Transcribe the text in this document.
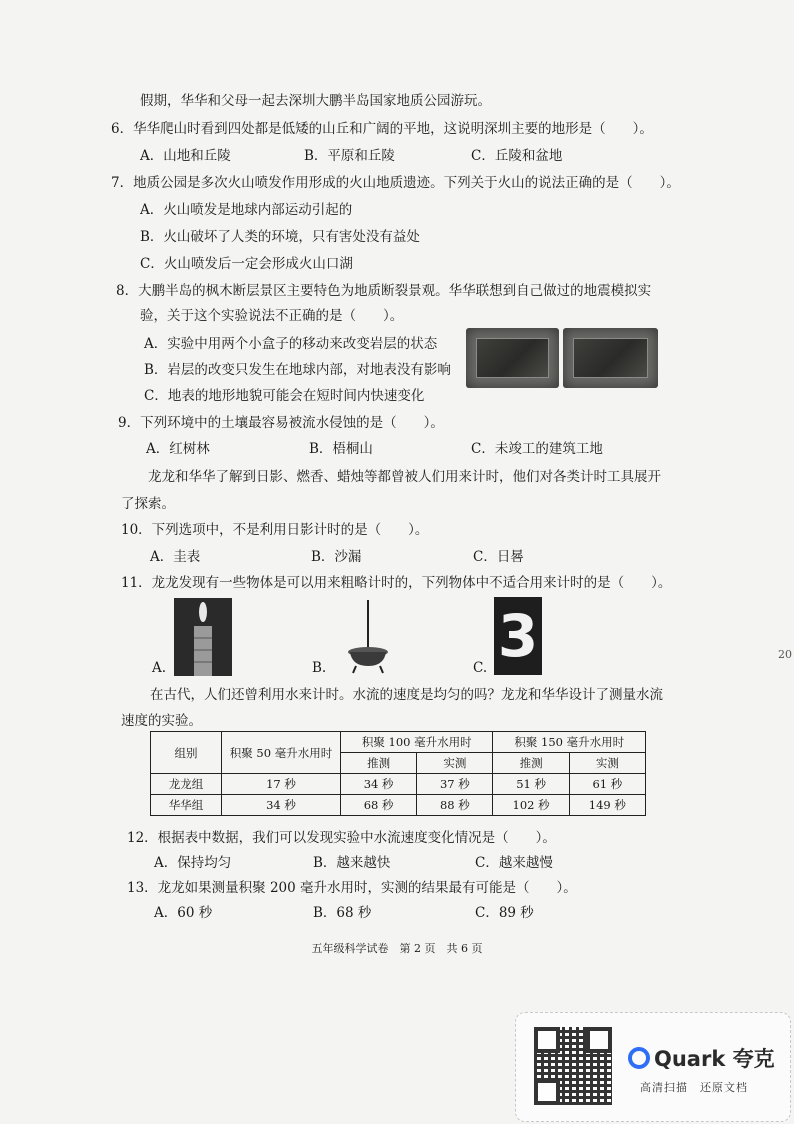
假期，华华和父母一起去深圳大鹏半岛国家地质公园游玩。
6．华华爬山时看到四处都是低矮的山丘和广阔的平地，这说明深圳主要的地形是（　　）。
A．山地和丘陵	B．平原和丘陵	C．丘陵和盆地
7．地质公园是多次火山喷发作用形成的火山地质遗迹。下列关于火山的说法正确的是（　　）。
A．火山喷发是地球内部运动引起的
B．火山破坏了人类的环境，只有害处没有益处
C．火山喷发后一定会形成火山口湖
8．大鹏半岛的枫木断层景区主要特色为地质断裂景观。华华联想到自己做过的地震模拟实
验，关于这个实验说法不正确的是（　　）。
A．实验中用两个小盒子的移动来改变岩层的状态
B．岩层的改变只发生在地球内部，对地表没有影响
C．地表的地形地貌可能会在短时间内快速变化
9．下列环境中的土壤最容易被流水侵蚀的是（　　）。
A．红树林	B．梧桐山	C．未竣工的建筑工地
龙龙和华华了解到日影、燃香、蜡烛等都曾被人们用来计时，他们对各类计时工具展开
了探索。
10．下列选项中，不是利用日影计时的是（　　）。
A．圭表	B．沙漏	C．日晷
11．龙龙发现有一些物体是可以用来粗略计时的，下列物体中不适合用来计时的是（　　）。
A.	B.	C. 3
在古代，人们还曾利用水来计时。水流的速度是均匀的吗？龙龙和华华设计了测量水流
速度的实验。
组别	积聚 50 毫升水用时	积聚 100 毫升水用时		积聚 150 毫升水用时	
		推测	实测	推测	实测
龙龙组	17 秒	34 秒	37 秒	51 秒	61 秒
华华组	34 秒	68 秒	88 秒	102 秒	149 秒
12．根据表中数据，我们可以发现实验中水流速度变化情况是（　　）。
A．保持均匀	B．越来越快	C．越来越慢
13．龙龙如果测量积聚 200 毫升水用时，实测的结果最有可能是（　　）。
A．60 秒	B．68 秒	C．89 秒
五年级科学试卷　第 2 页　共 6 页
20
Quark 夸克
高清扫描　还原文档
